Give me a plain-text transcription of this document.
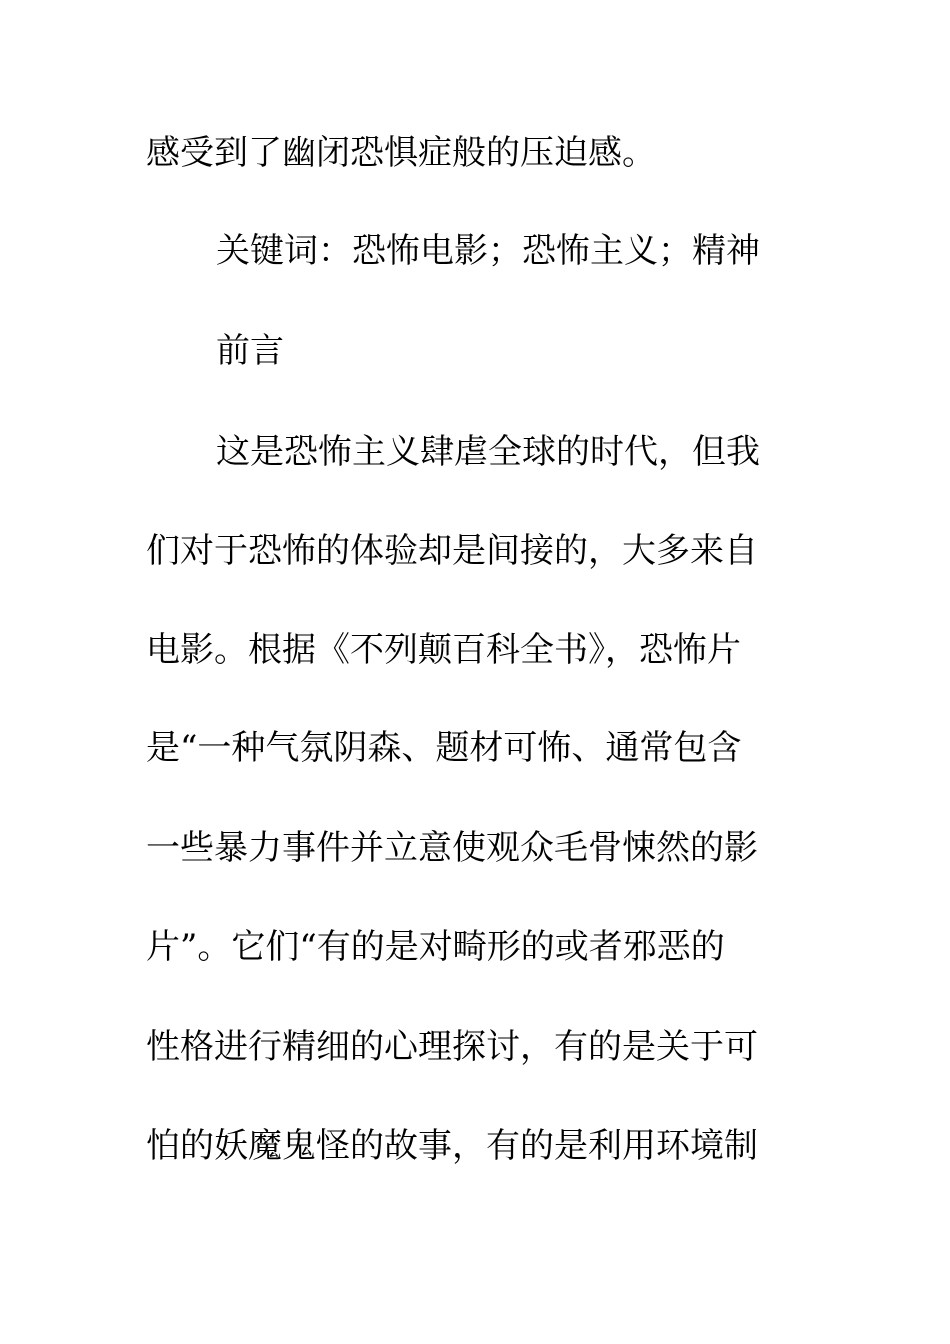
感受到了幽闭恐惧症般的压迫感。
关键词：恐怖电影；恐怖主义；精神
前言
这是恐怖主义肆虐全球的时代，但我
们对于恐怖的体验却是间接的，大多来自
电影。根据《不列颠百科全书》，恐怖片
是“一种气氛阴森、题材可怖、通常包含
一些暴力事件并立意使观众毛骨悚然的影
片”。它们“有的是对畸形的或者邪恶的
性格进行精细的心理探讨，有的是关于可
怕的妖魔鬼怪的故事，有的是利用环境制
